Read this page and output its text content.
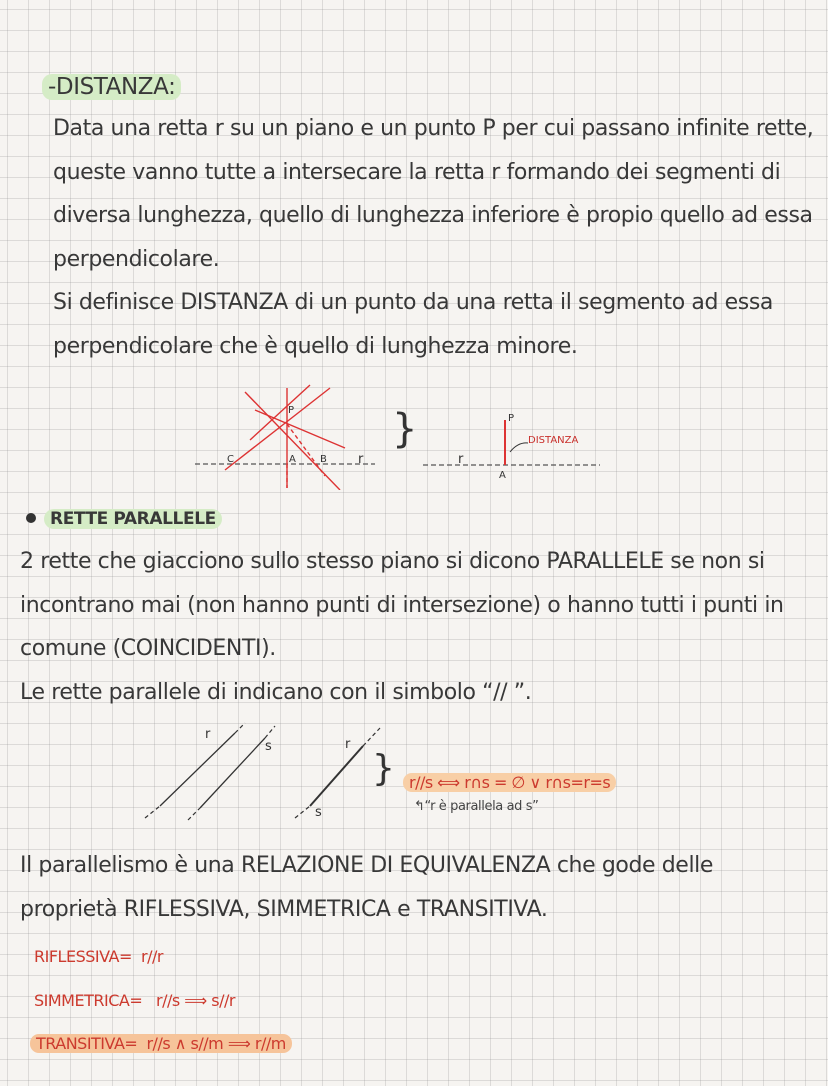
-DISTANZA:
Data una retta r su un piano e un punto P per cui passano infinite rette,
queste vanno tutte a intersecare la retta r formando dei segmenti di
diversa lunghezza, quello di lunghezza inferiore è propio quello ad essa
perpendicolare.
Si definisce DISTANZA di un punto da una retta il segmento ad essa
perpendicolare che è quello di lunghezza minore.
P
A B
C	r
}
r
P
A
DISTANZA
RETTE PARALLELE
2 rette che giacciono sullo stesso piano si dicono PARALLELE se non si
incontrano mai (non hanno punti di intersezione) o hanno tutti i punti in
comune (COINCIDENTI).
Le rette parallele di indicano con il simbolo “// ”.
r
s	r
s
} r//s ⟺ r∩s = ∅ ∨ r∩s=r=s
↰“r è parallela ad s”
Il parallelismo è una RELAZIONE DI EQUIVALENZA che gode delle
proprietà RIFLESSIVA, SIMMETRICA e TRANSITIVA.
RIFLESSIVA= r//r
SIMMETRICA= r//s ⟹ s//r
TRANSITIVA= r//s ∧ s//m ⟹ r//m
